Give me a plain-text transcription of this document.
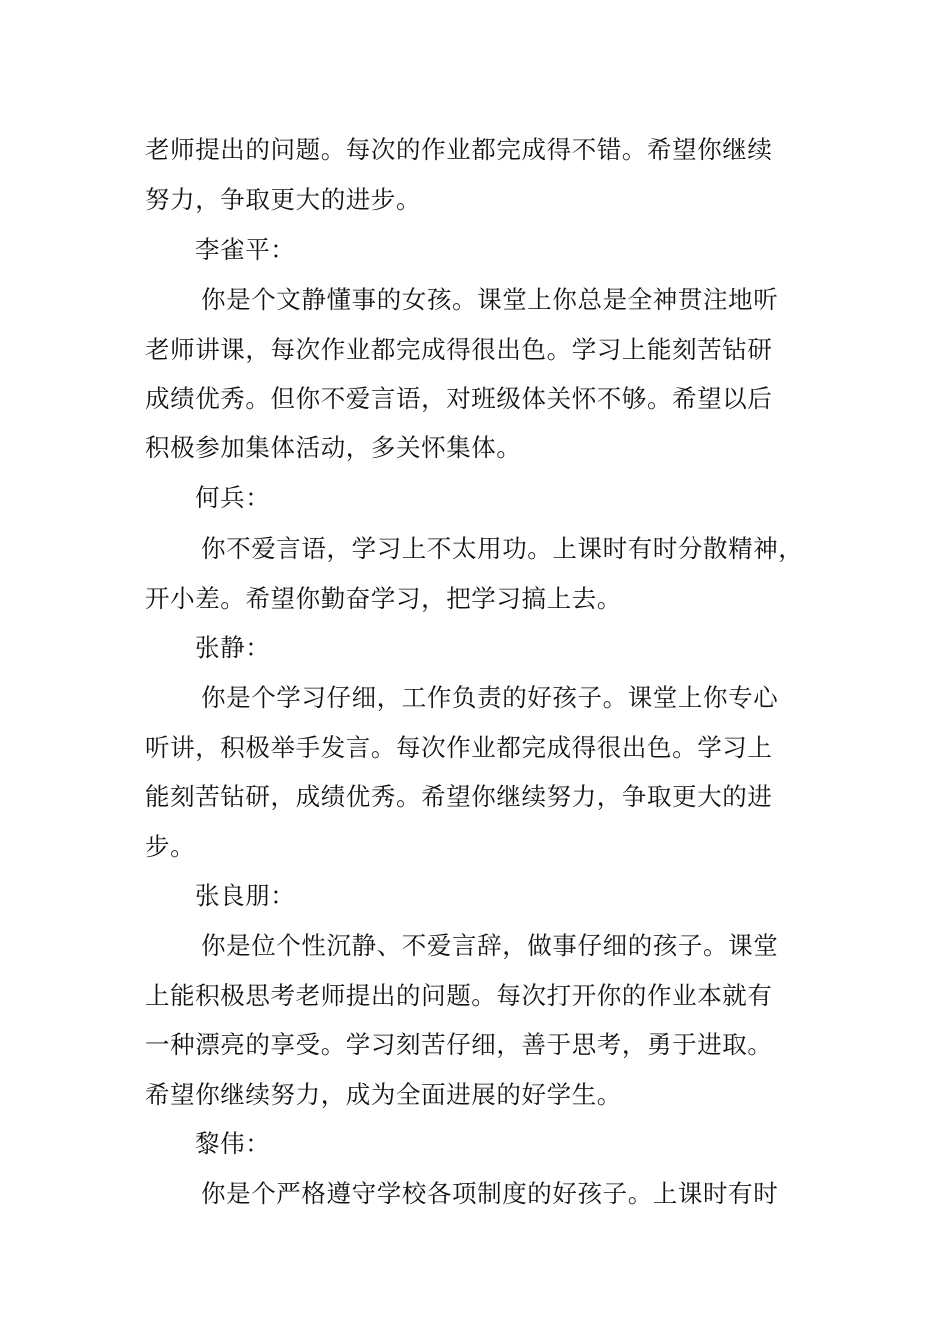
老师提出的问题。每次的作业都完成得不错。希望你继续
努力，争取更大的进步。
李雀平：
你是个文静懂事的女孩。课堂上你总是全神贯注地听
老师讲课，每次作业都完成得很出色。学习上能刻苦钻研
成绩优秀。但你不爱言语，对班级体关怀不够。希望以后
积极参加集体活动，多关怀集体。
何兵：
你不爱言语，学习上不太用功。上课时有时分散精神，
开小差。希望你勤奋学习，把学习搞上去。
张静：
你是个学习仔细，工作负责的好孩子。课堂上你专心
听讲，积极举手发言。每次作业都完成得很出色。学习上
能刻苦钻研，成绩优秀。希望你继续努力，争取更大的进
步。
张良朋：
你是位个性沉静、不爱言辞，做事仔细的孩子。课堂
上能积极思考老师提出的问题。每次打开你的作业本就有
一种漂亮的享受。学习刻苦仔细，善于思考，勇于进取。
希望你继续努力，成为全面进展的好学生。
黎伟：
你是个严格遵守学校各项制度的好孩子。上课时有时
